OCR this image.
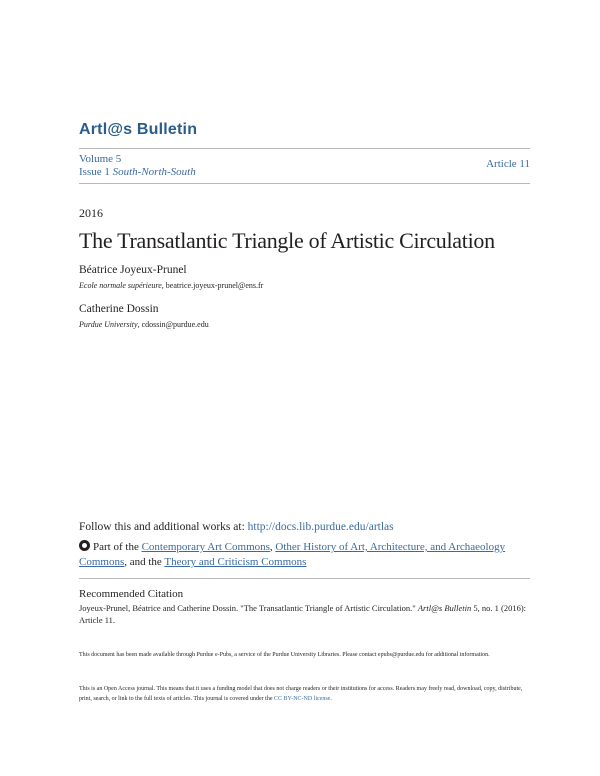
Artl@s Bulletin
Volume 5
Issue 1 South-North-South
Article 11
2016
The Transatlantic Triangle of Artistic Circulation
Béatrice Joyeux-Prunel
Ecole normale supérieure, beatrice.joyeux-prunel@ens.fr
Catherine Dossin
Purdue University, cdossin@purdue.edu
Follow this and additional works at: http://docs.lib.purdue.edu/artlas
Part of the Contemporary Art Commons, Other History of Art, Architecture, and Archaeology Commons, and the Theory and Criticism Commons
Recommended Citation
Joyeux-Prunel, Béatrice and Catherine Dossin. "The Transatlantic Triangle of Artistic Circulation." Artl@s Bulletin 5, no. 1 (2016): Article 11.
This document has been made available through Purdue e-Pubs, a service of the Purdue University Libraries. Please contact epubs@purdue.edu for additional information.
This is an Open Access journal. This means that it uses a funding model that does not charge readers or their institutions for access. Readers may freely read, download, copy, distribute, print, search, or link to the full texts of articles. This journal is covered under the CC BY-NC-ND license.
